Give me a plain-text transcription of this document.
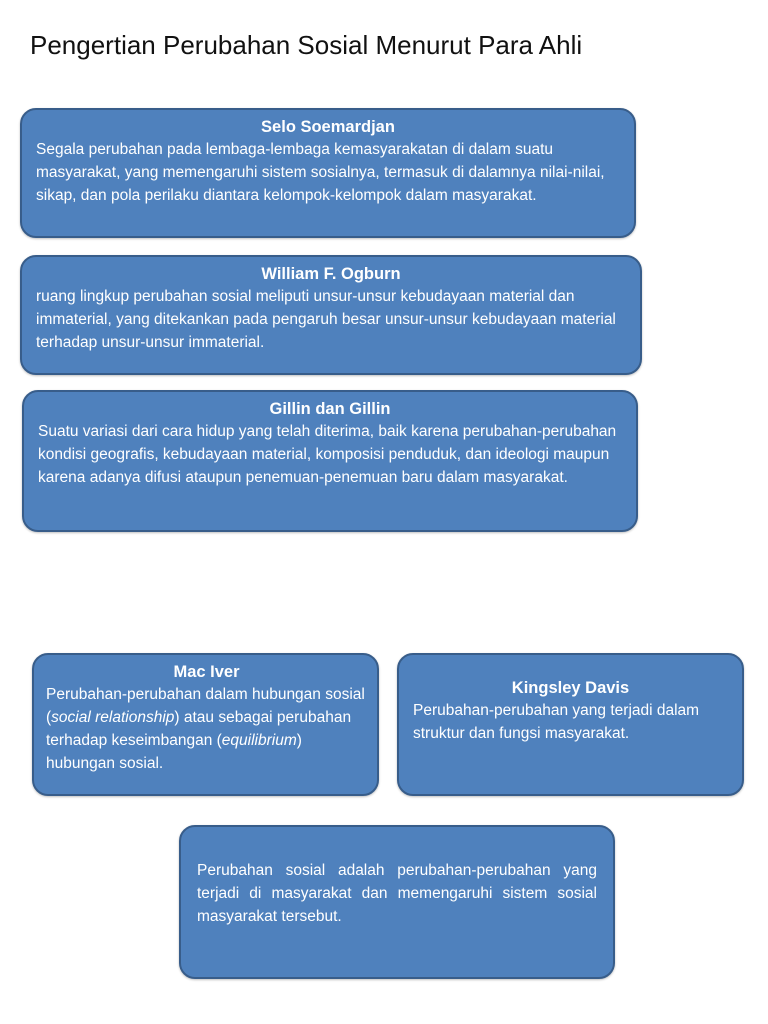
Pengertian Perubahan Sosial Menurut Para Ahli
Selo Soemardjan

Segala perubahan pada lembaga-lembaga kemasyarakatan di dalam suatu masyarakat, yang memengaruhi sistem sosialnya, termasuk di dalamnya nilai-nilai, sikap, dan pola perilaku diantara kelompok-kelompok dalam masyarakat.

William F. Ogburn

ruang lingkup perubahan sosial meliputi unsur-unsur kebudayaan material dan immaterial, yang ditekankan pada pengaruh besar unsur-unsur kebudayaan material terhadap unsur-unsur immaterial.

Gillin dan Gillin

Suatu variasi dari cara hidup yang telah diterima, baik karena perubahan-perubahan kondisi geografis, kebudayaan material, komposisi penduduk, dan ideologi maupun karena adanya difusi ataupun penemuan-penemuan baru dalam masyarakat.

Mac Iver

Perubahan-perubahan dalam hubungan sosial (social relationship) atau sebagai perubahan terhadap keseimbangan (equilibrium) hubungan sosial.

Kingsley Davis

Perubahan-perubahan yang terjadi dalam struktur dan fungsi masyarakat.

Perubahan sosial adalah perubahan-perubahan yang terjadi di masyarakat dan memengaruhi sistem sosial masyarakat tersebut.
